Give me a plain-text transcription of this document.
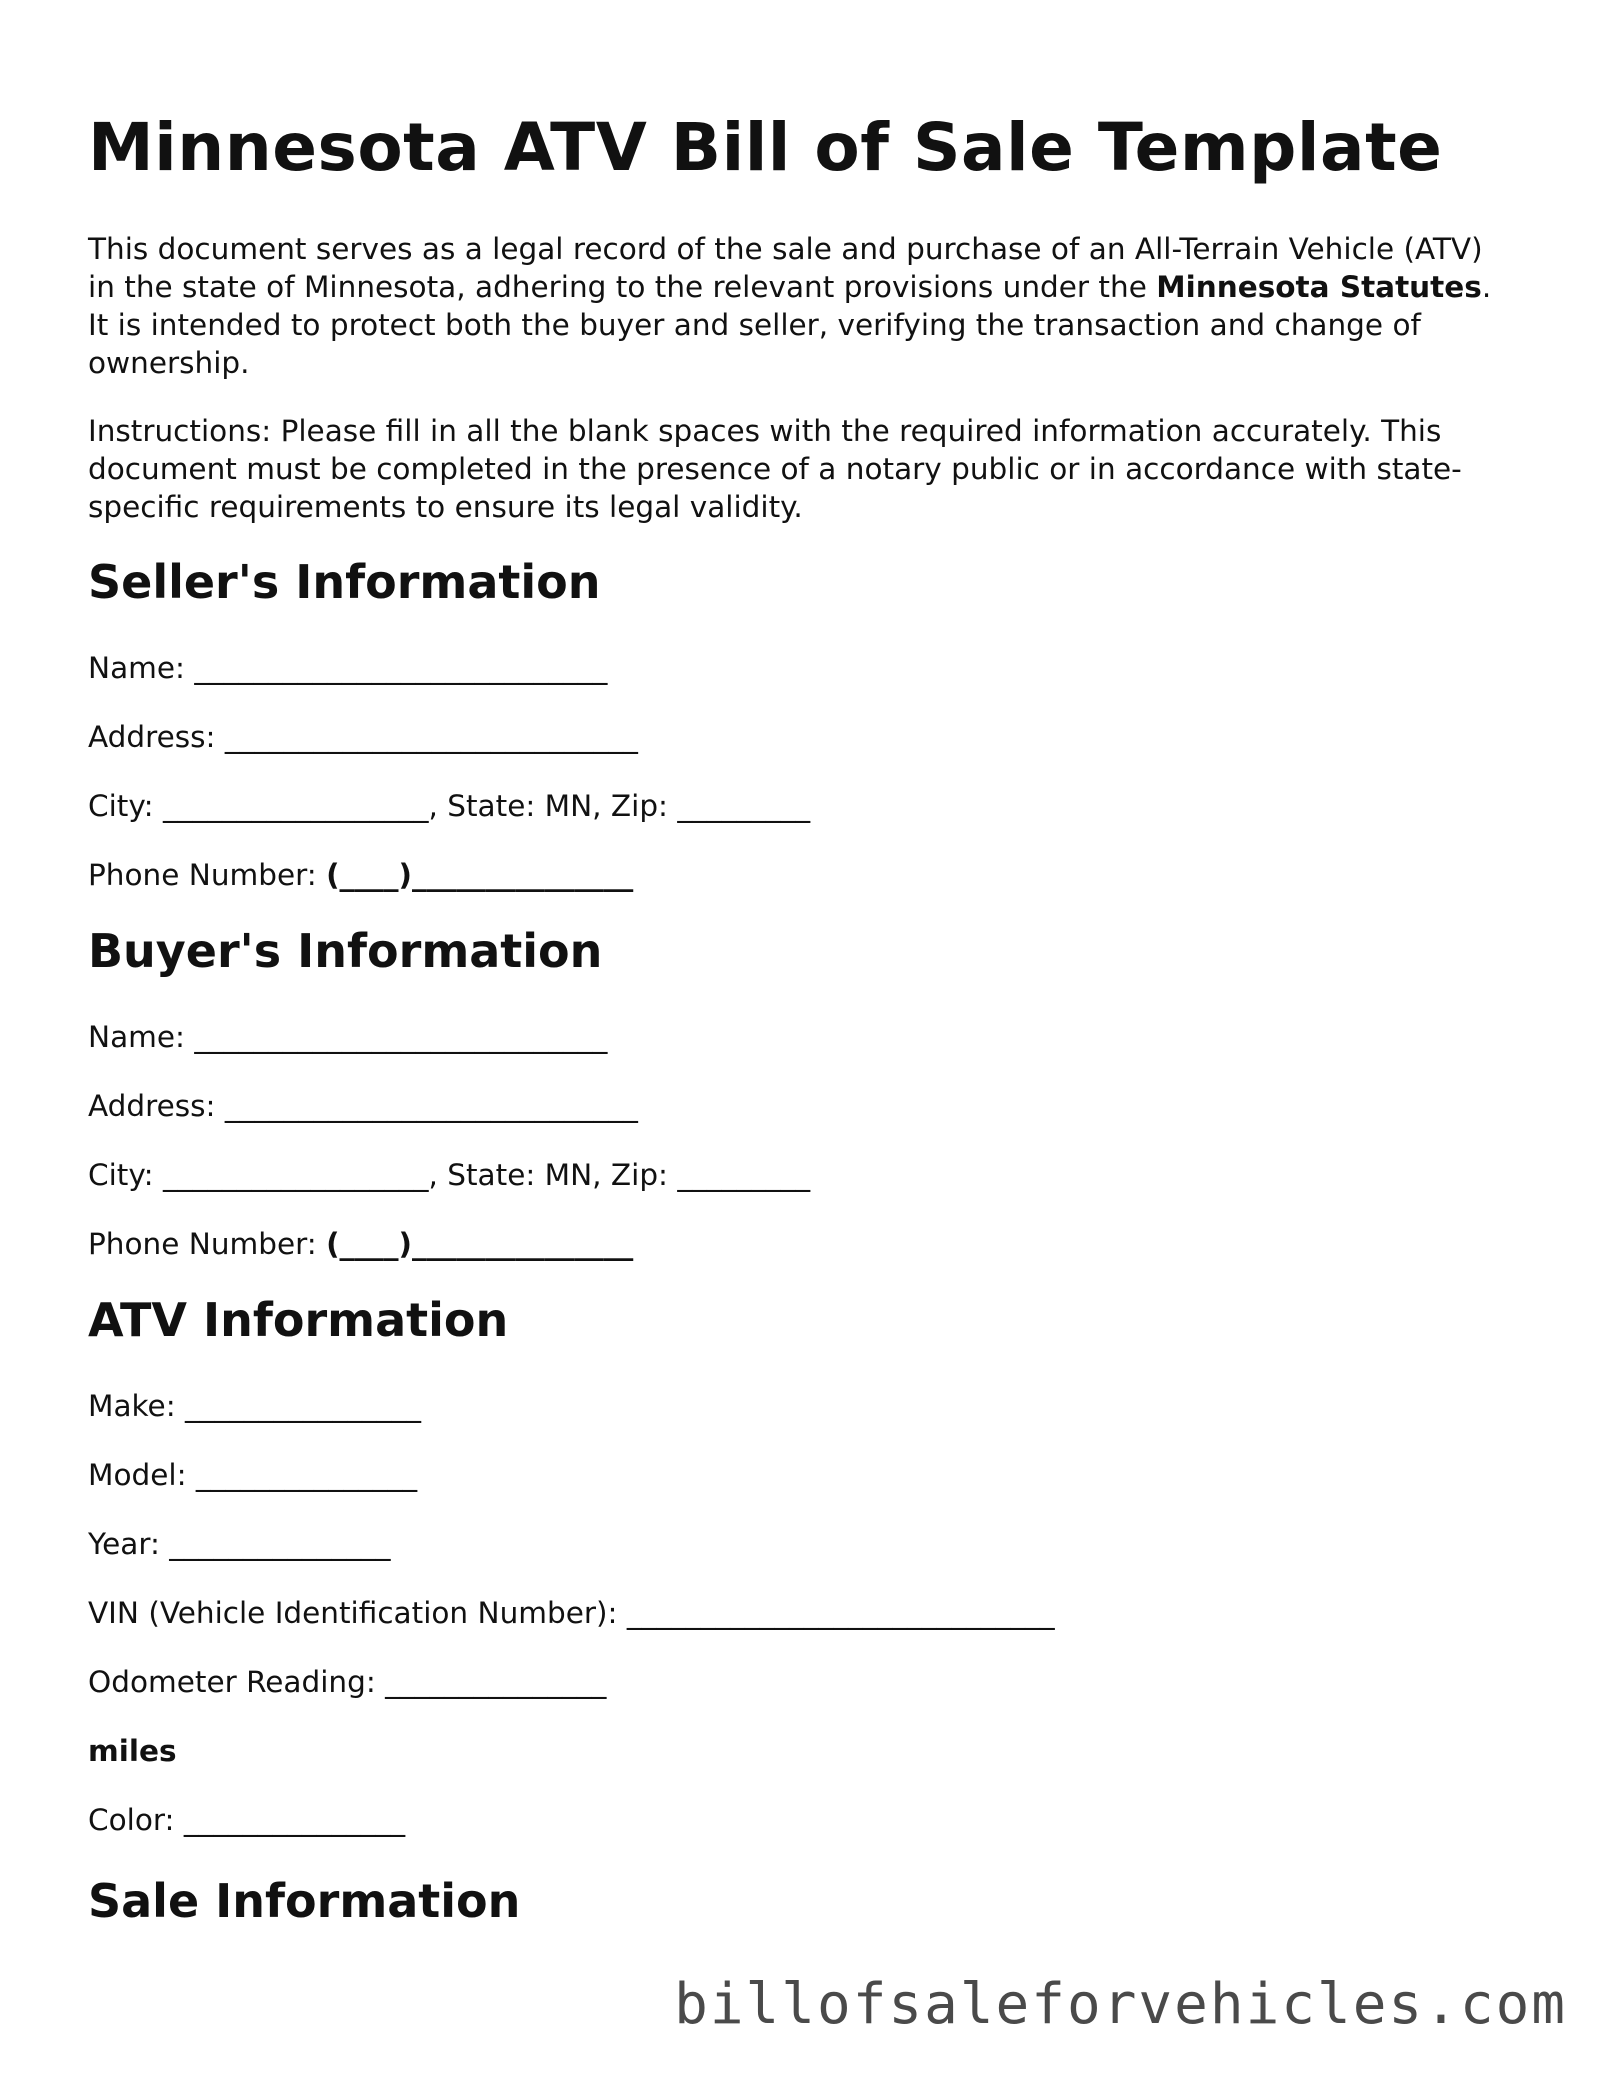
Minnesota ATV Bill of Sale Template

This document serves as a legal record of the sale and purchase of an All-Terrain Vehicle (ATV) in the state of Minnesota, adhering to the relevant provisions under the Minnesota Statutes. It is intended to protect both the buyer and seller, verifying the transaction and change of ownership.

Instructions: Please fill in all the blank spaces with the required information accurately. This document must be completed in the presence of a notary public or in accordance with state-specific requirements to ensure its legal validity.

Seller's Information
Name: ____________________________
Address: ____________________________
City: __________________, State: MN, Zip: _________
Phone Number: (____)_______________
Buyer's Information
Name: ____________________________
Address: ____________________________
City: __________________, State: MN, Zip: _________
Phone Number: (____)_______________
ATV Information
Make: ________________
Model: _______________
Year: _______________
VIN (Vehicle Identification Number): _____________________________
Odometer Reading: _______________
miles
Color: _______________
Sale Information
billofsaleforvehicles.com
